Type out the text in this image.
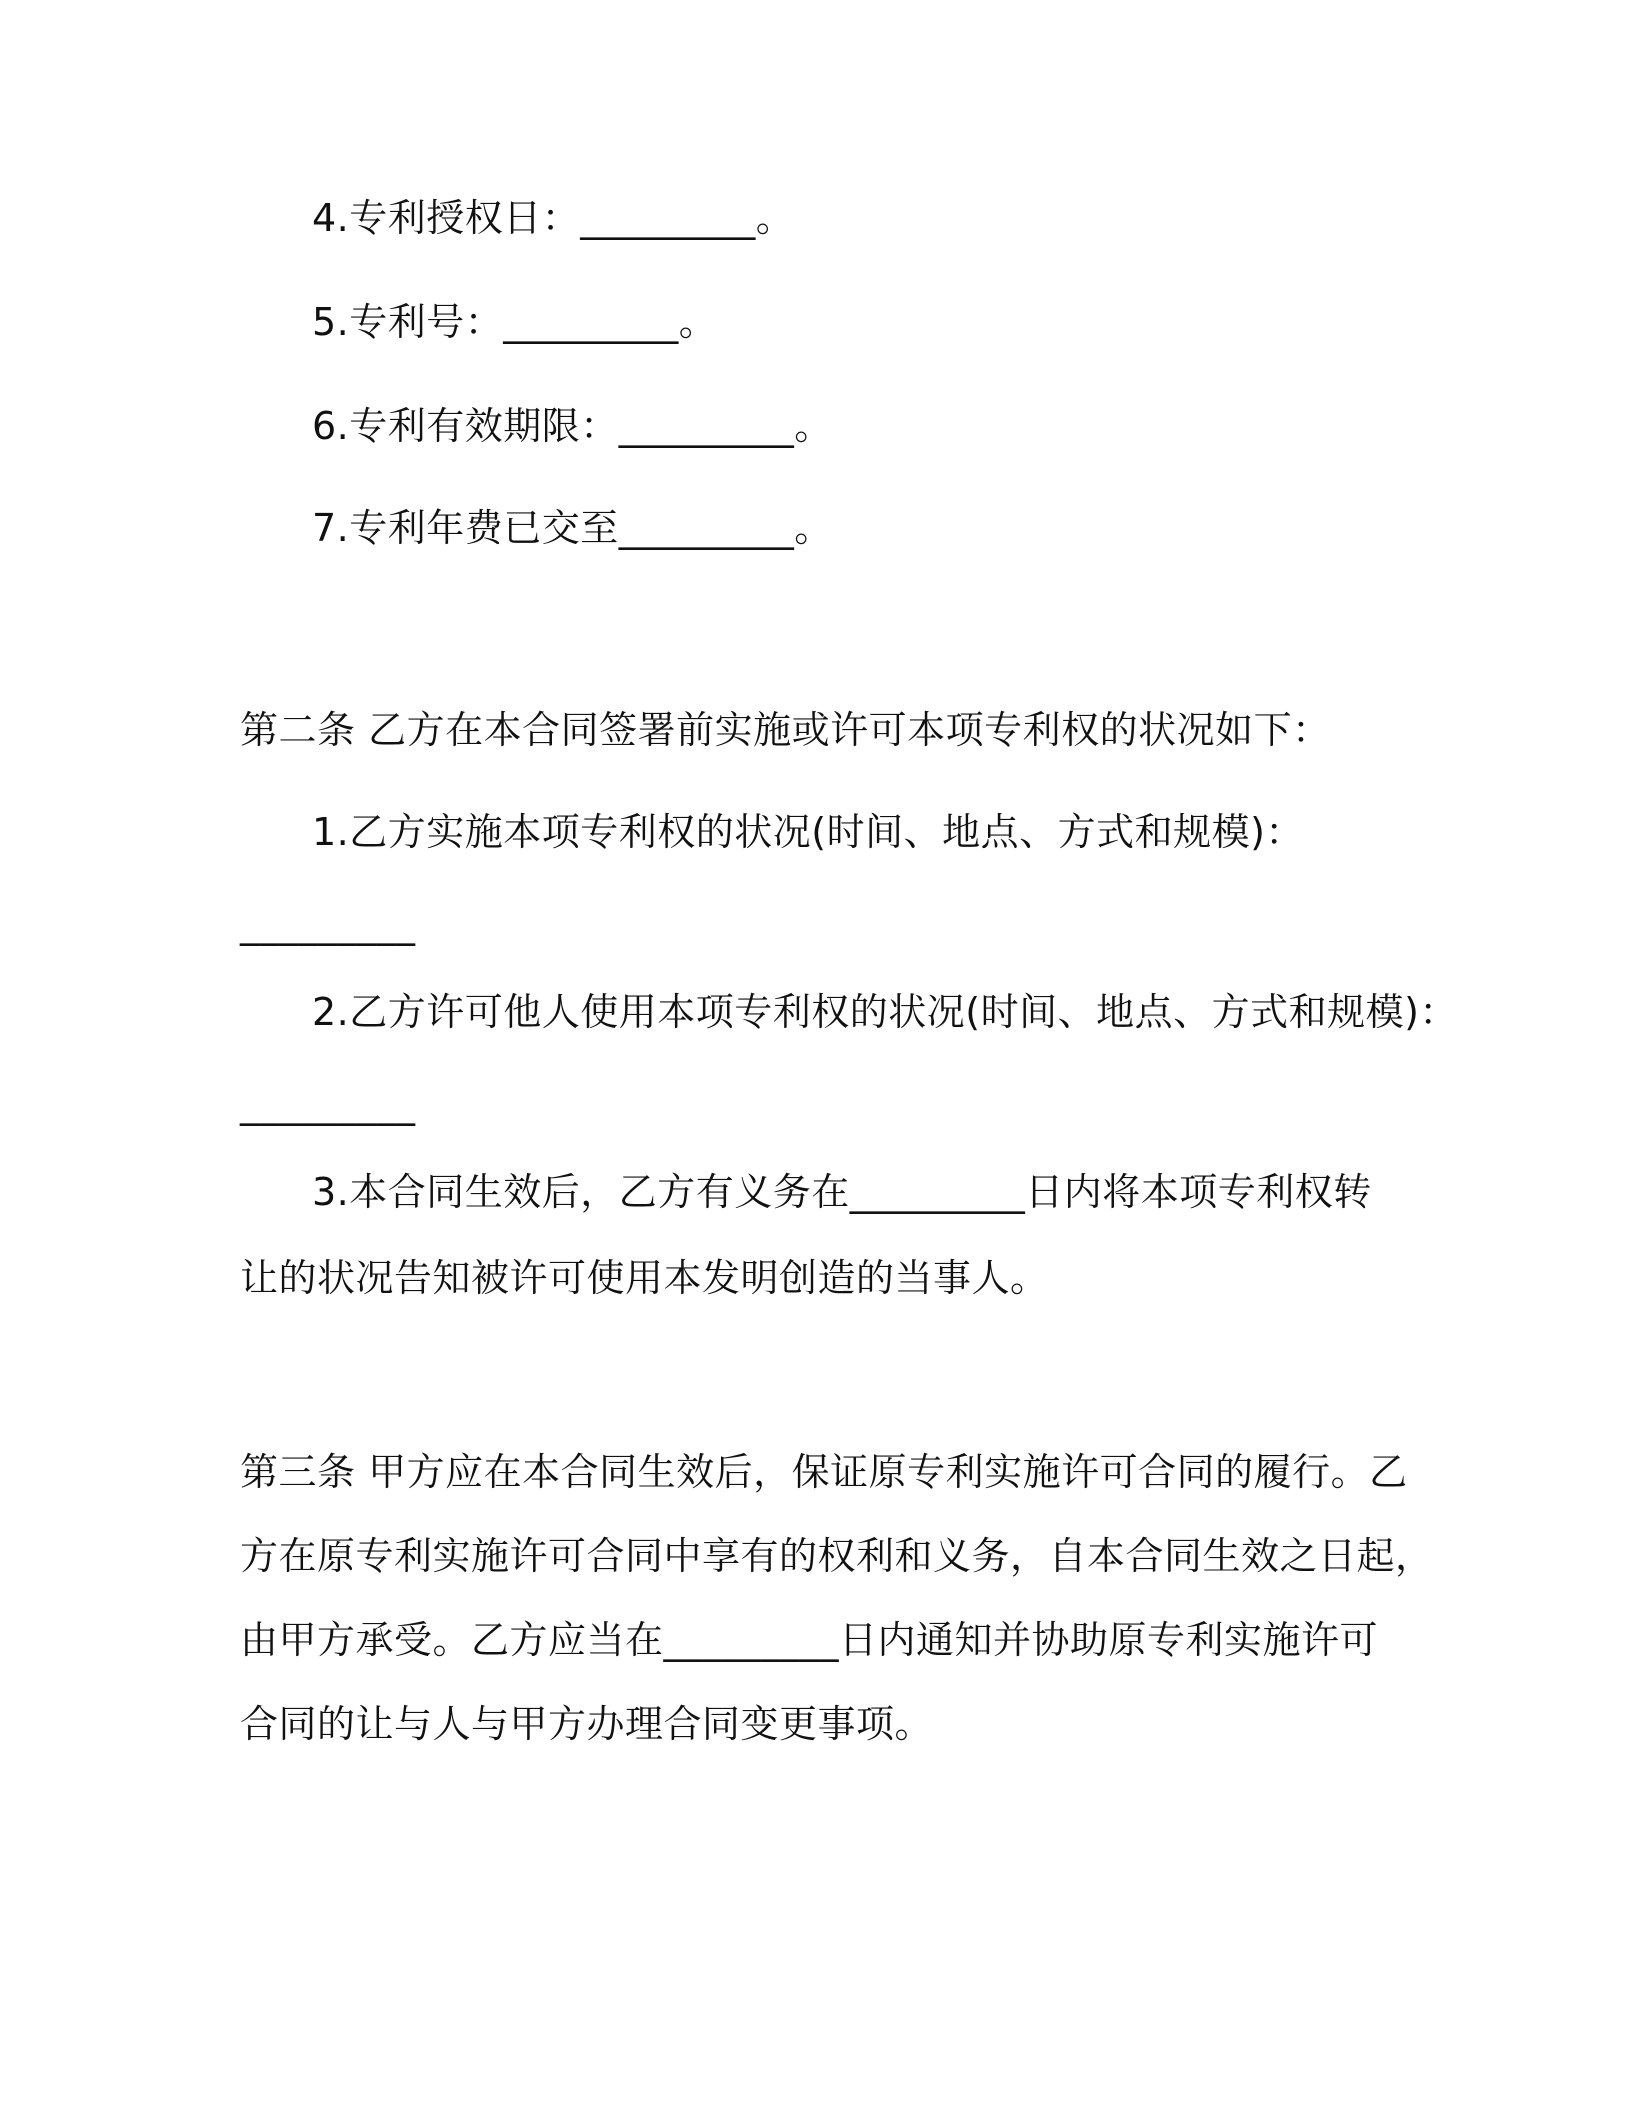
4.专利授权日：_________。
5.专利号：_________。
6.专利有效期限：_________。
7.专利年费已交至_________。
第二条 乙方在本合同签署前实施或许可本项专利权的状况如下：
1.乙方实施本项专利权的状况(时间、地点、方式和规模)：
_________
2.乙方许可他人使用本项专利权的状况(时间、地点、方式和规模)：
_________
3.本合同生效后，乙方有义务在_________日内将本项专利权转
让的状况告知被许可使用本发明创造的当事人。
第三条 甲方应在本合同生效后，保证原专利实施许可合同的履行。乙
方在原专利实施许可合同中享有的权利和义务，自本合同生效之日起，
由甲方承受。乙方应当在_________日内通知并协助原专利实施许可
合同的让与人与甲方办理合同变更事项。
